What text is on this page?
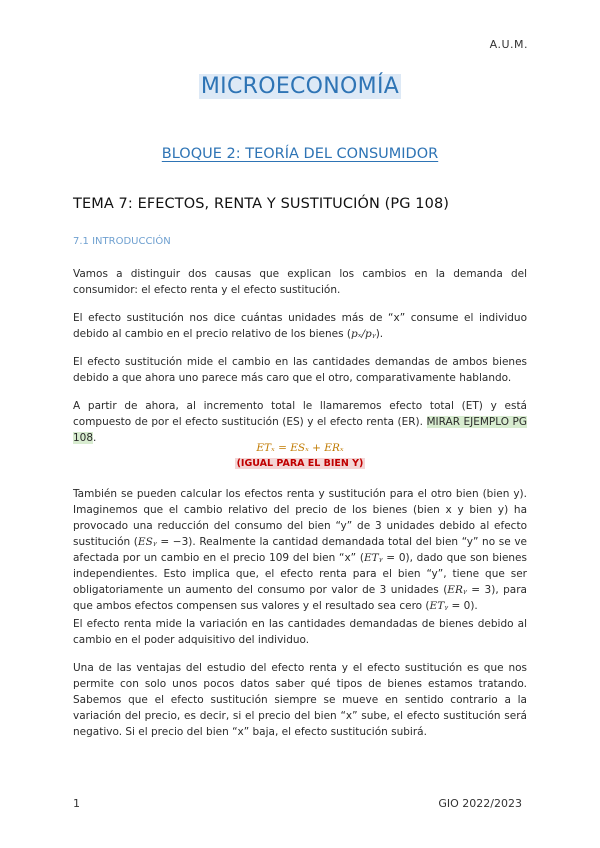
A.U.M.
MICROECONOMÍA
BLOQUE 2: TEORÍA DEL CONSUMIDOR
TEMA 7: EFECTOS, RENTA Y SUSTITUCIÓN (PG 108)
7.1 INTRODUCCIÓN
Vamos a distinguir dos causas que explican los cambios en la demanda del consumidor: el efecto renta y el efecto sustitución.
El efecto sustitución nos dice cuántas unidades más de “x” consume el individuo debido al cambio en el precio relativo de los bienes (pₓ/pᵧ).
El efecto sustitución mide el cambio en las cantidades demandas de ambos bienes debido a que ahora uno parece más caro que el otro, comparativamente hablando.
A partir de ahora, al incremento total le llamaremos efecto total (ET) y está compuesto de por el efecto sustitución (ES) y el efecto renta (ER). MIRAR EJEMPLO PG 108.
ETₓ = ESₓ + ERₓ
(IGUAL PARA EL BIEN Y)
También se pueden calcular los efectos renta y sustitución para el otro bien (bien y). Imaginemos que el cambio relativo del precio de los bienes (bien x y bien y) ha provocado una reducción del consumo del bien “y” de 3 unidades debido al efecto sustitución (ESᵧ = −3). Realmente la cantidad demandada total del bien “y” no se ve afectada por un cambio en el precio 109 del bien “x” (ETᵧ = 0), dado que son bienes independientes. Esto implica que, el efecto renta para el bien “y”, tiene que ser obligatoriamente un aumento del consumo por valor de 3 unidades (ERᵧ = 3), para que ambos efectos compensen sus valores y el resultado sea cero (ETᵧ = 0).
El efecto renta mide la variación en las cantidades demandadas de bienes debido al cambio en el poder adquisitivo del individuo.
Una de las ventajas del estudio del efecto renta y el efecto sustitución es que nos permite con solo unos pocos datos saber qué tipos de bienes estamos tratando. Sabemos que el efecto sustitución siempre se mueve en sentido contrario a la variación del precio, es decir, si el precio del bien “x” sube, el efecto sustitución será negativo. Si el precio del bien “x” baja, el efecto sustitución subirá.
1	GIO 2022/2023
